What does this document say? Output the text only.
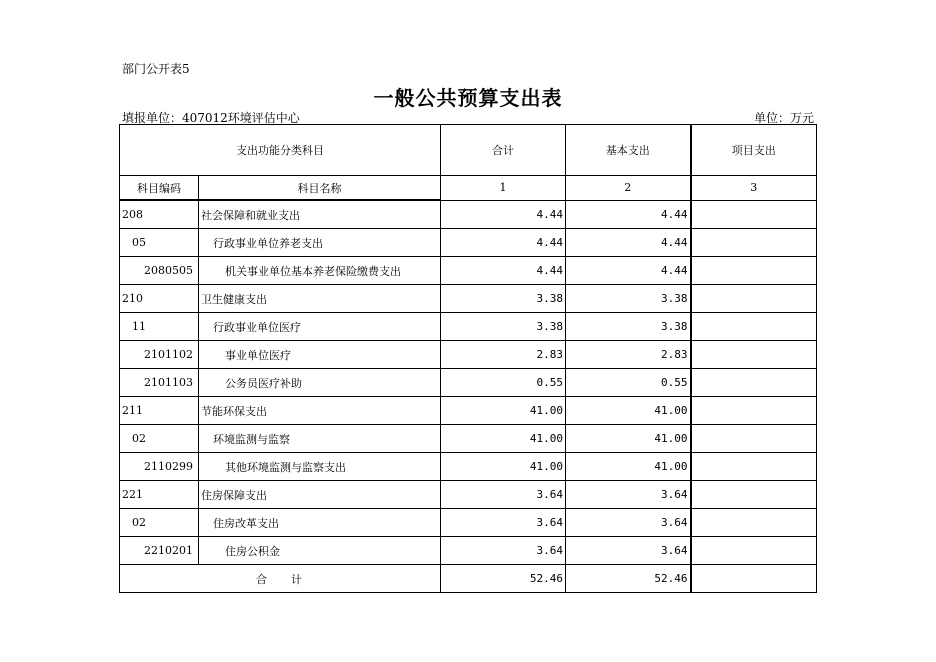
部门公开表5
一般公共预算支出表
填报单位：407012环境评估中心	单位：万元
支出功能分类科目		合计	基本支出	项目支出
科目编码	科目名称	1	2	3
208	社会保障和就业支出	4.44	4.44	
05	行政事业单位养老支出	4.44	4.44	
2080505	机关事业单位基本养老保险缴费支出	4.44	4.44	
210	卫生健康支出	3.38	3.38	
11	行政事业单位医疗	3.38	3.38	
2101102	事业单位医疗	2.83	2.83	
2101103	公务员医疗补助	0.55	0.55	
211	节能环保支出	41.00	41.00	
02	环境监测与监察	41.00	41.00	
2110299	其他环境监测与监察支出	41.00	41.00	
221	住房保障支出	3.64	3.64	
02	住房改革支出	3.64	3.64	
2210201	住房公积金	3.64	3.64	
合 计		52.46	52.46	
